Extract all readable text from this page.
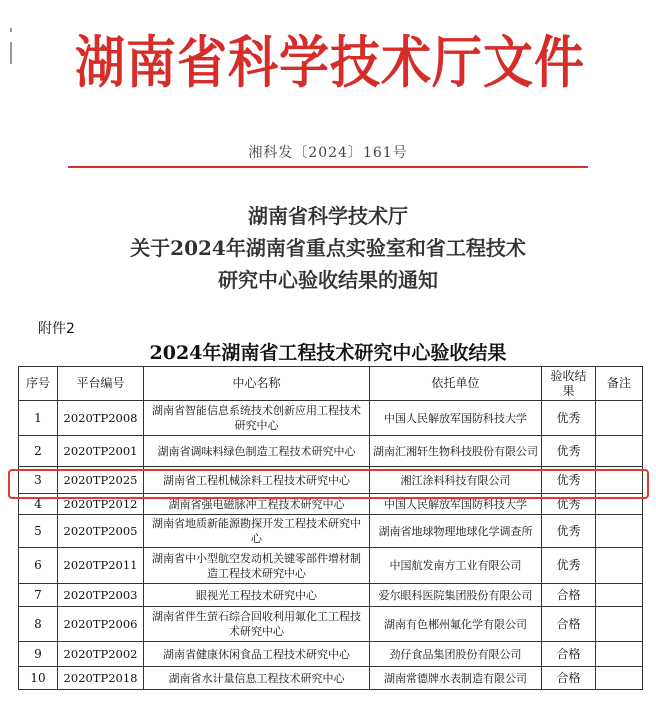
湖南省科学技术厅文件
湘科发〔2024〕161号
湖南省科学技术厅
关于2024年湖南省重点实验室和省工程技术
研究中心验收结果的通知
附件2
2024年湖南省工程技术研究中心验收结果
序号	平台编号	中心名称	依托单位	验收结果	备注
1	2020TP2008	湖南省智能信息系统技术创新应用工程技术研究中心	中国人民解放军国防科技大学	优秀	
2	2020TP2001	湖南省调味料绿色制造工程技术研究中心	湖南汇湘轩生物科技股份有限公司	优秀	
3	2020TP2025	湖南省工程机械涂料工程技术研究中心	湘江涂料科技有限公司	优秀	
4	2020TP2012	湖南省强电磁脉冲工程技术研究中心	中国人民解放军国防科技大学	优秀	
5	2020TP2005	湖南省地质新能源勘探开发工程技术研究中心	湖南省地球物理地球化学调查所	优秀	
6	2020TP2011	湖南省中小型航空发动机关键零部件增材制造工程技术研究中心	中国航发南方工业有限公司	优秀	
7	2020TP2003	眼视光工程技术研究中心	爱尔眼科医院集团股份有限公司	合格	
8	2020TP2006	湖南省伴生萤石综合回收利用氟化工工程技术研究中心	湖南有色郴州氟化学有限公司	合格	
9	2020TP2002	湖南省健康休闲食品工程技术研究中心	劲仔食品集团股份有限公司	合格	
10	2020TP2018	湖南省水计量信息工程技术研究中心	湖南常德牌水表制造有限公司	合格	
